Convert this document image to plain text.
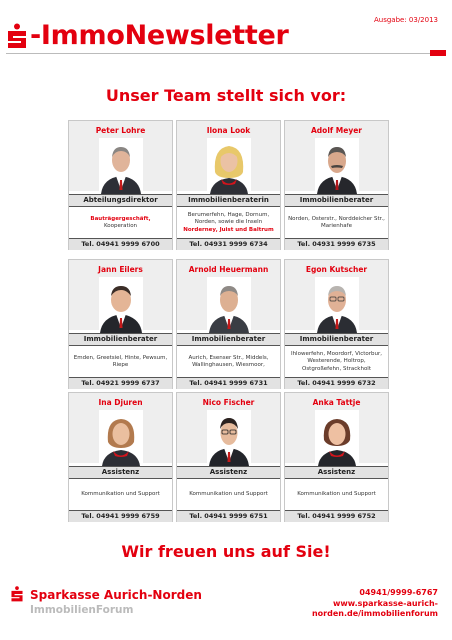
-ImmoNewsletter	Ausgabe: 03/2013
Unser Team stellt sich vor:
Peter Lohre
Abteilungsdirektor
Bauträgergeschäft,
Kooperation
Tel. 04941 9999 6700
Ilona Look
Immobilienberaterin
Berumerfehn, Hage, Dornum, Norden, sowie die Inseln
Norderney, Juist und Baltrum
Tel. 04931 9999 6734
Adolf Meyer
Immobilienberater
Norden, Osterstr., Norddeicher Str., Marienhafe
Tel. 04931 9999 6735
Jann Eilers
Immobilienberater
Emden, Greetsiel, Hinte, Pewsum, Riepe
Tel. 04921 9999 6737
Arnold Heuermann
Immobilienberater
Aurich, Esenser Str., Middels, Wallinghausen, Wiesmoor,
Tel. 04941 9999 6731
Egon Kutscher
Immobilienberater
Ihlowerfehn, Moordorf, Victorbur, Westerende, Holtrop, Ostgroßefehn, Strackholt
Tel. 04941 9999 6732
Ina Djuren
Assistenz
Kommunikation und Support
Tel. 04941 9999 6759
Nico Fischer
Assistenz
Kommunikation und Support
Tel. 04941 9999 6751
Anka Tattje
Assistenz
Kommunikation und Support
Tel. 04941 9999 6752
Wir freuen uns auf Sie!
Sparkasse Aurich-Norden
ImmobilienForum
04941/9999-6767
www.sparkasse-aurich-
norden.de/immobilienforum
